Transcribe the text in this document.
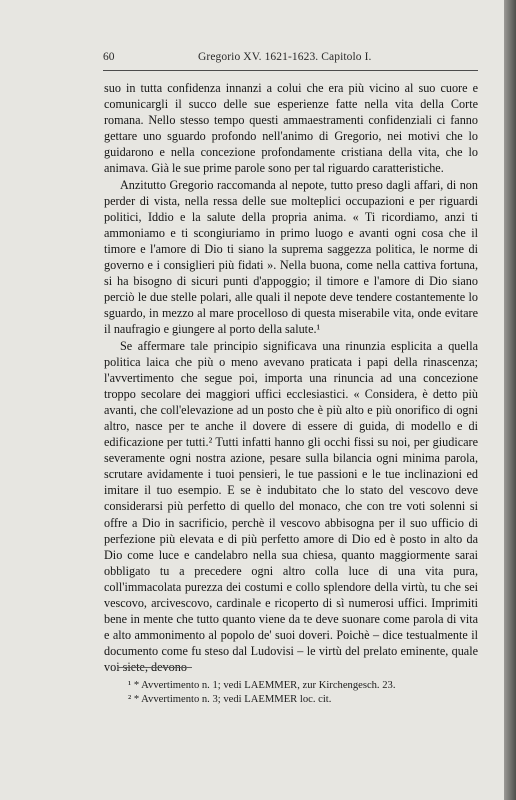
60	Gregorio XV. 1621-1623. Capitolo I.

suo in tutta confidenza innanzi a colui che era più vicino al suo cuore e comunicargli il succo delle sue esperienze fatte nella vita della Corte romana. Nello stesso tempo questi ammaestramenti confidenziali ci fanno gettare uno sguardo profondo nell'animo di Gregorio, nei motivi che lo guidarono e nella concezione profondamente cristiana della vita, che lo animava. Già le sue prime parole sono per tal riguardo caratteristiche.

Anzitutto Gregorio raccomanda al nepote, tutto preso dagli affari, di non perder di vista, nella ressa delle sue molteplici occupazioni e per riguardi politici, Iddio e la salute della propria anima. « Ti ricordiamo, anzi ti ammoniamo e ti scongiuriamo in primo luogo e avanti ogni cosa che il timore e l'amore di Dio ti siano la suprema saggezza politica, le norme di governo e i consiglieri più fidati ». Nella buona, come nella cattiva fortuna, si ha bisogno di sicuri punti d'appoggio; il timore e l'amore di Dio siano perciò le due stelle polari, alle quali il nepote deve tendere costantemente lo sguardo, in mezzo al mare procelloso di questa miserabile vita, onde evitare il naufragio e giungere al porto della salute.¹

Se affermare tale principio significava una rinunzia esplicita a quella politica laica che più o meno avevano praticata i papi della rinascenza; l'avvertimento che segue poi, importa una rinuncia ad una concezione troppo secolare dei maggiori uffici ecclesiastici. « Considera, è detto più avanti, che coll'elevazione ad un posto che è più alto e più onorifico di ogni altro, nasce per te anche il dovere di essere di guida, di modello e di edificazione per tutti.² Tutti infatti hanno gli occhi fissi su noi, per giudicare severamente ogni nostra azione, pesare sulla bilancia ogni minima parola, scrutare avidamente i tuoi pensieri, le tue passioni e le tue inclinazioni ed imitare il tuo esempio. E se è indubitato che lo stato del vescovo deve considerarsi più perfetto di quello del monaco, che con tre voti solenni si offre a Dio in sacrificio, perchè il vescovo abbisogna per il suo ufficio di perfezione più elevata e di più perfetto amore di Dio ed è posto in alto da Dio come luce e candelabro nella sua chiesa, quanto maggiormente sarai obbligato tu a precedere ogni altro colla luce di una vita pura, coll'immacolata purezza dei costumi e collo splendore della virtù, tu che sei vescovo, arcivescovo, cardinale e ricoperto di sì numerosi uffici. Imprimiti bene in mente che tutto quanto viene da te deve suonare come parola di vita e alto ammonimento al popolo de' suoi doveri. Poichè – dice testualmente il documento come fu steso dal Ludovisi – le virtù del prelato eminente, quale voi siete, devono

¹ * Avvertimento n. 1; vedi LAEMMER, zur Kirchengesch. 23.

² * Avvertimento n. 3; vedi LAEMMER loc. cit.
